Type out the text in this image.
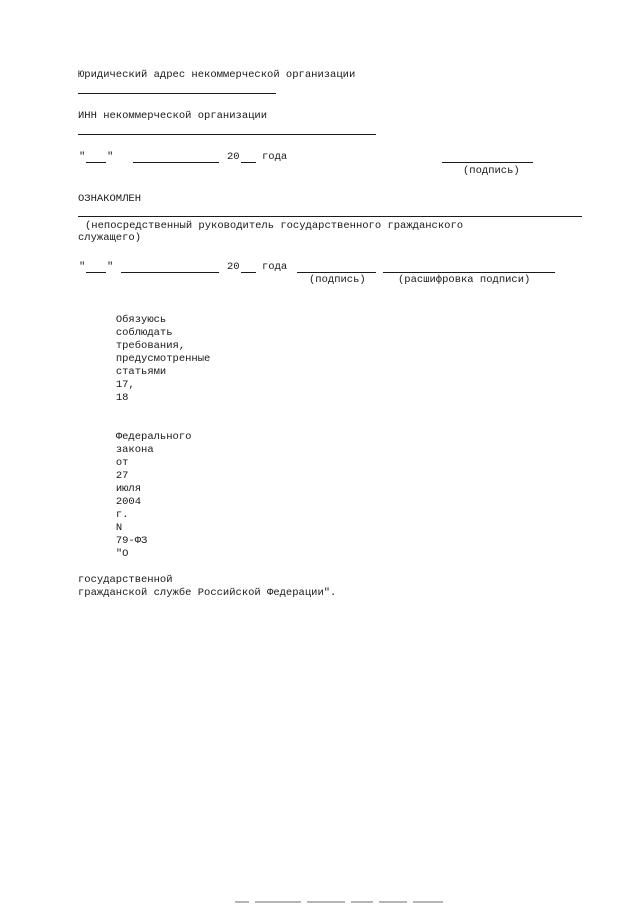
Юридический адрес некоммерческой организации
ИНН некоммерческой организации
" "	20 года
(подпись)
ОЗНАКОМЛЕН
(непосредственный руководитель государственного гражданского
служащего)
" "	20 года
(подпись)	(расшифровка подписи)

Обязуюсь
соблюдать
требования,
предусмотренные
статьями
17,
18

Федерального
закона
от
27
июля
2004
г.
N
79-ФЗ
"О

государственной
гражданской службе Российской Федерации".
